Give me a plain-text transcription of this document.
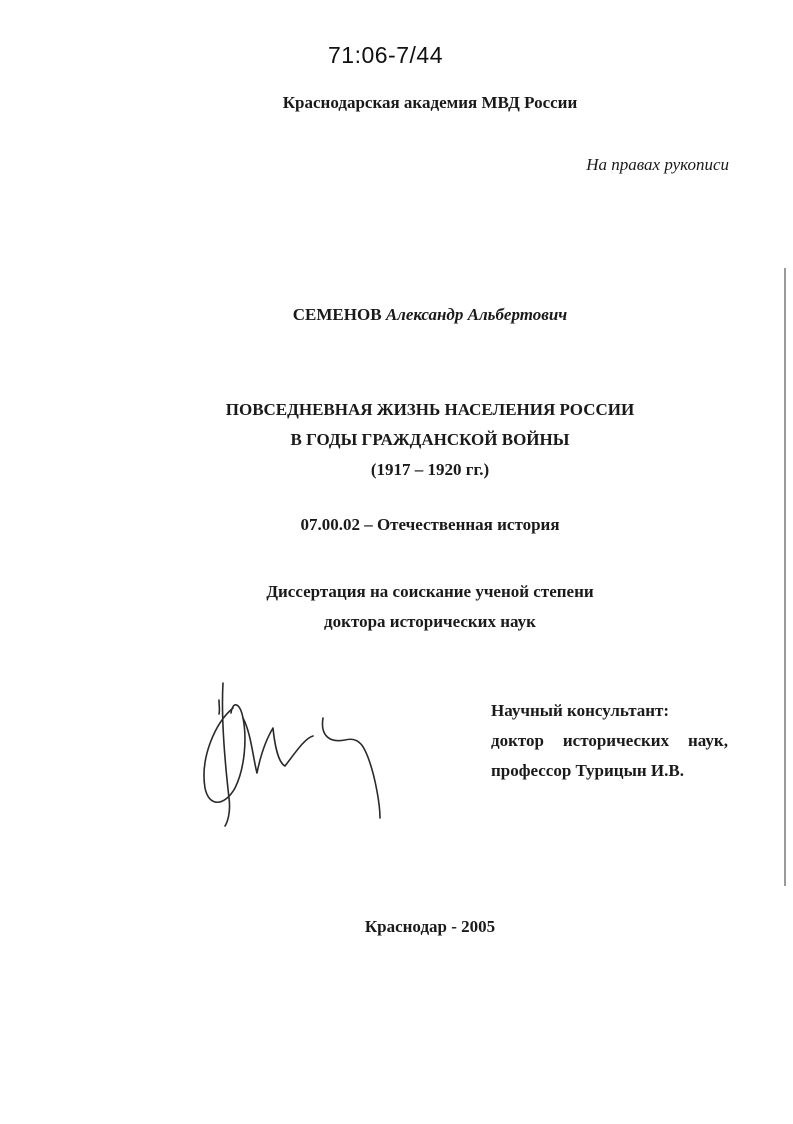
71:06-7/44
Краснодарская академия МВД России
На правах рукописи
СЕМЕНОВ Александр Альбертович
ПОВСЕДНЕВНАЯ ЖИЗНЬ НАСЕЛЕНИЯ РОССИИ
В ГОДЫ ГРАЖДАНСКОЙ ВОЙНЫ
(1917 – 1920 гг.)
07.00.02 – Отечественная история
Диссертация на соискание ученой степени
доктора исторических наук
Научный консультант:
доктор исторических наук,
профессор Турицын И.В.
Краснодар - 2005
